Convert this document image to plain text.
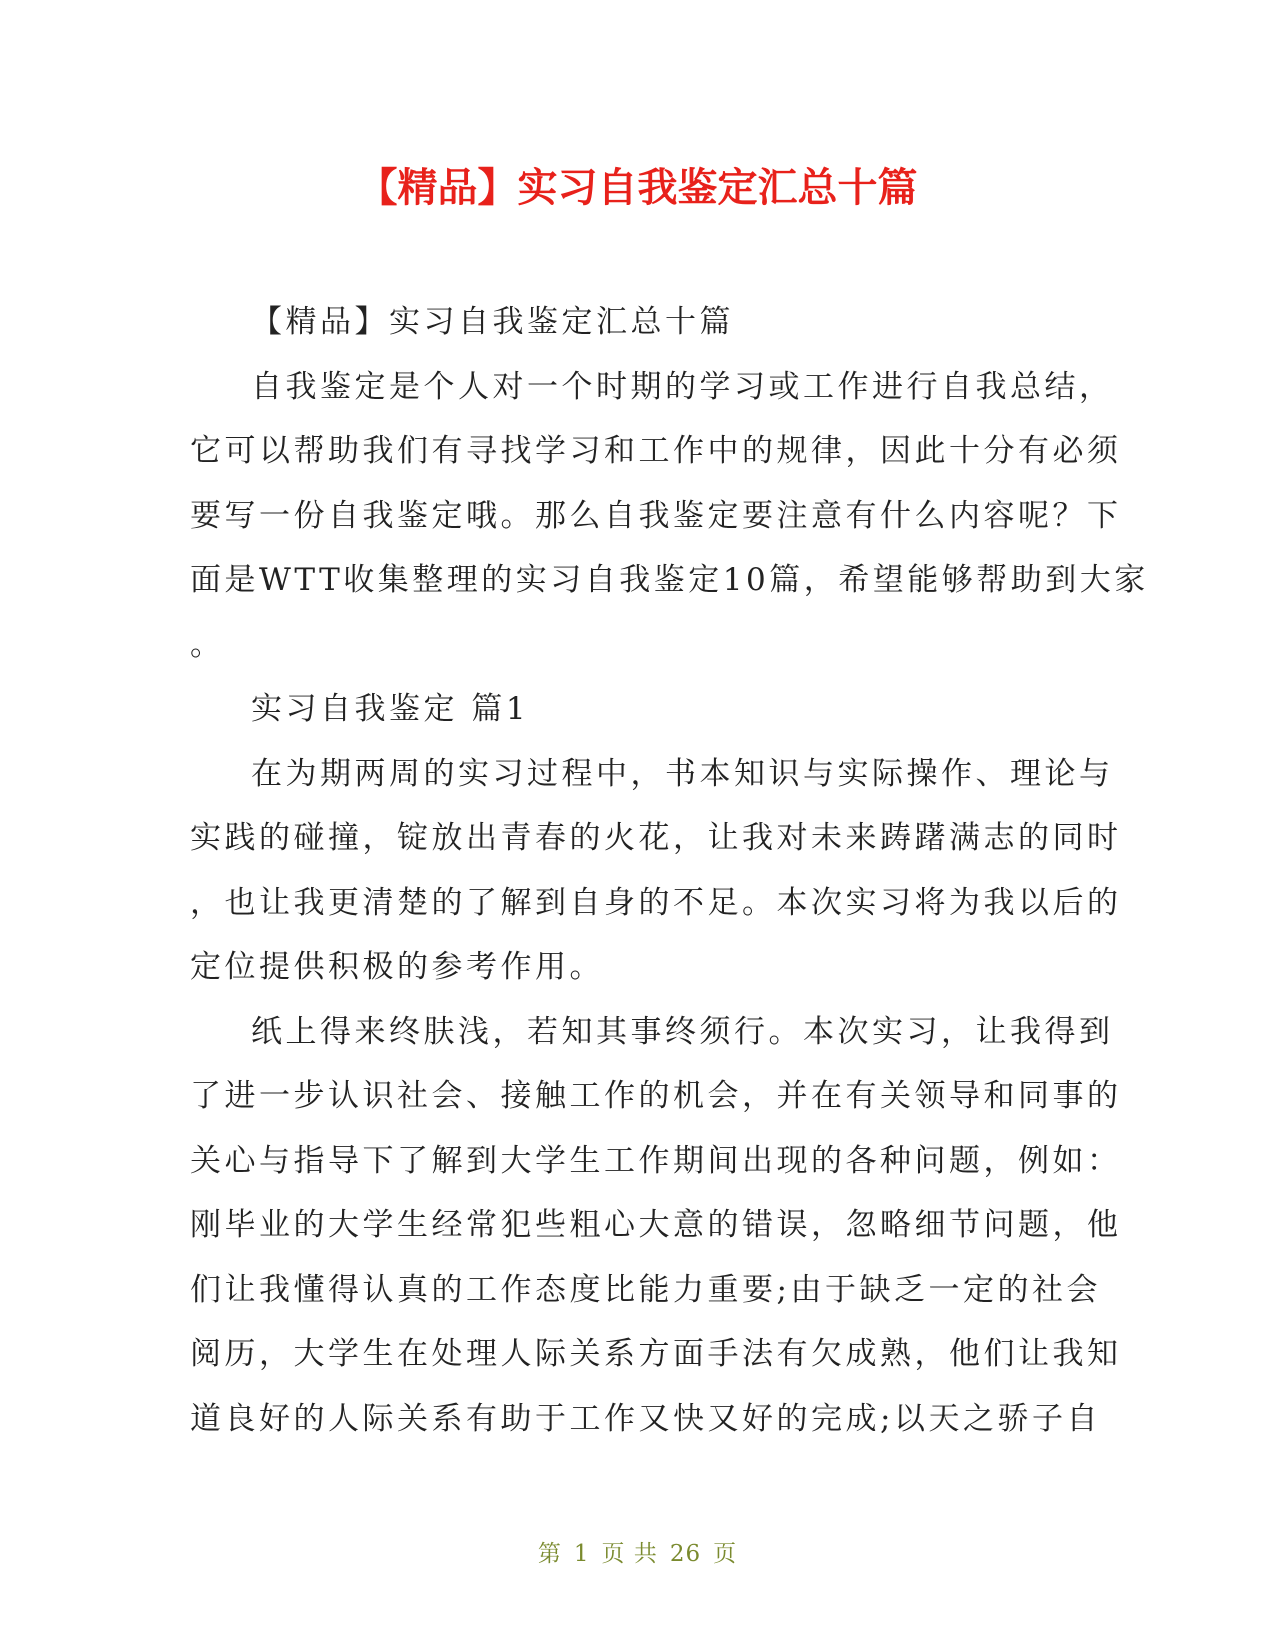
【精品】实习自我鉴定汇总十篇
【精品】实习自我鉴定汇总十篇
自我鉴定是个人对一个时期的学习或工作进行自我总结，
它可以帮助我们有寻找学习和工作中的规律，因此十分有必须
要写一份自我鉴定哦。那么自我鉴定要注意有什么内容呢？下
面是WTT收集整理的实习自我鉴定10篇，希望能够帮助到大家
。
实习自我鉴定 篇1
在为期两周的实习过程中，书本知识与实际操作、理论与
实践的碰撞，锭放出青春的火花，让我对未来踌躇满志的同时
，也让我更清楚的了解到自身的不足。本次实习将为我以后的
定位提供积极的参考作用。
纸上得来终肤浅，若知其事终须行。本次实习，让我得到
了进一步认识社会、接触工作的机会，并在有关领导和同事的
关心与指导下了解到大学生工作期间出现的各种问题，例如：
刚毕业的大学生经常犯些粗心大意的错误，忽略细节问题，他
们让我懂得认真的工作态度比能力重要;由于缺乏一定的社会
阅历，大学生在处理人际关系方面手法有欠成熟，他们让我知
道良好的人际关系有助于工作又快又好的完成;以天之骄子自
第 1 页 共 26 页
